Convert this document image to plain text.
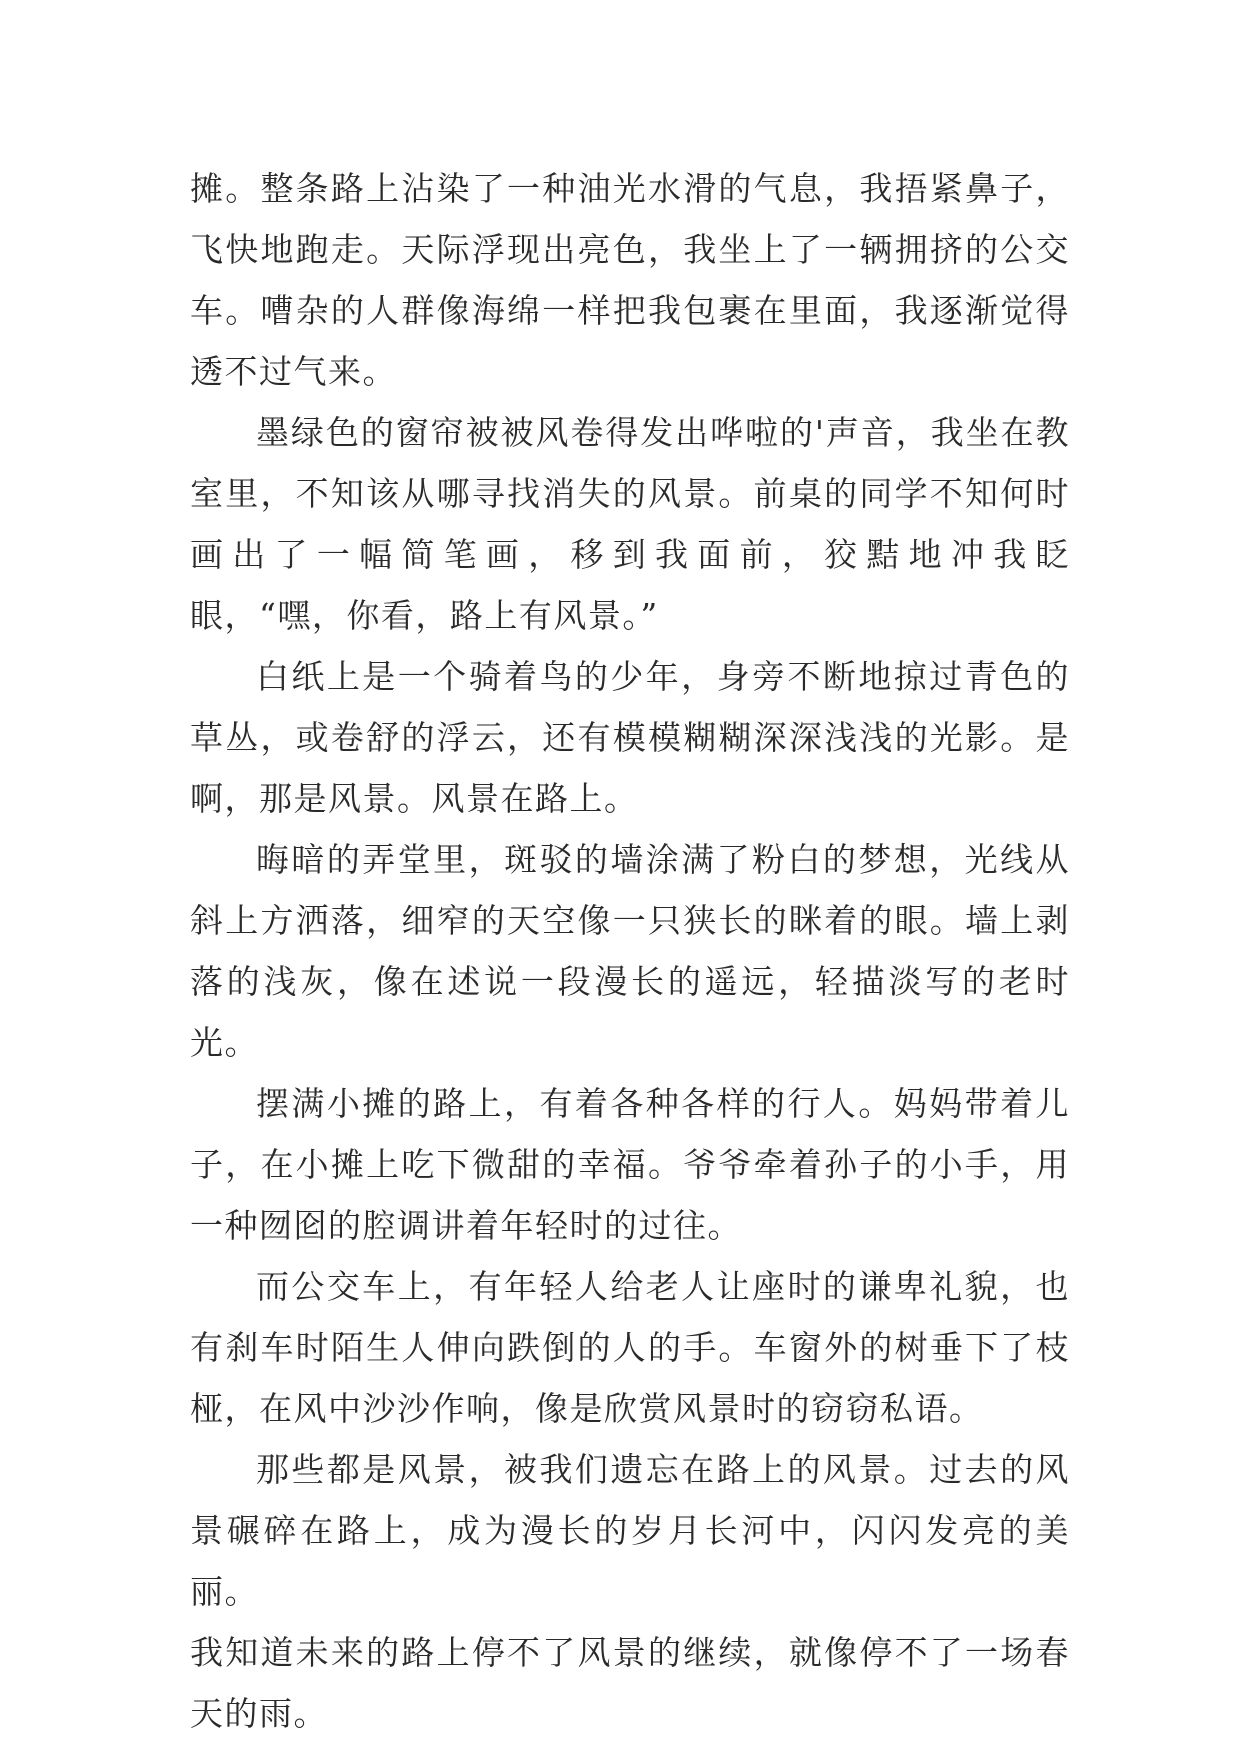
摊。整条路上沾染了一种油光水滑的气息，我捂紧鼻子，飞快地跑走。天际浮现出亮色，我坐上了一辆拥挤的公交车。嘈杂的人群像海绵一样把我包裹在里面，我逐渐觉得透不过气来。

墨绿色的窗帘被被风卷得发出哗啦的'声音，我坐在教室里，不知该从哪寻找消失的风景。前桌的同学不知何时画出了一幅简笔画，移到我面前，狡黠地冲我眨眼，“嘿，你看，路上有风景。”

白纸上是一个骑着鸟的少年，身旁不断地掠过青色的草丛，或卷舒的浮云，还有模模糊糊深深浅浅的光影。是啊，那是风景。风景在路上。

晦暗的弄堂里，斑驳的墙涂满了粉白的梦想，光线从斜上方洒落，细窄的天空像一只狭长的眯着的眼。墙上剥落的浅灰，像在述说一段漫长的遥远，轻描淡写的老时光。

摆满小摊的路上，有着各种各样的行人。妈妈带着儿子，在小摊上吃下微甜的幸福。爷爷牵着孙子的小手，用一种囫囵的腔调讲着年轻时的过往。

而公交车上，有年轻人给老人让座时的谦卑礼貌，也有刹车时陌生人伸向跌倒的人的手。车窗外的树垂下了枝桠，在风中沙沙作响，像是欣赏风景时的窃窃私语。

那些都是风景，被我们遗忘在路上的风景。过去的风景碾碎在路上，成为漫长的岁月长河中，闪闪发亮的美丽。

我知道未来的路上停不了风景的继续，就像停不了一场春天的雨。
